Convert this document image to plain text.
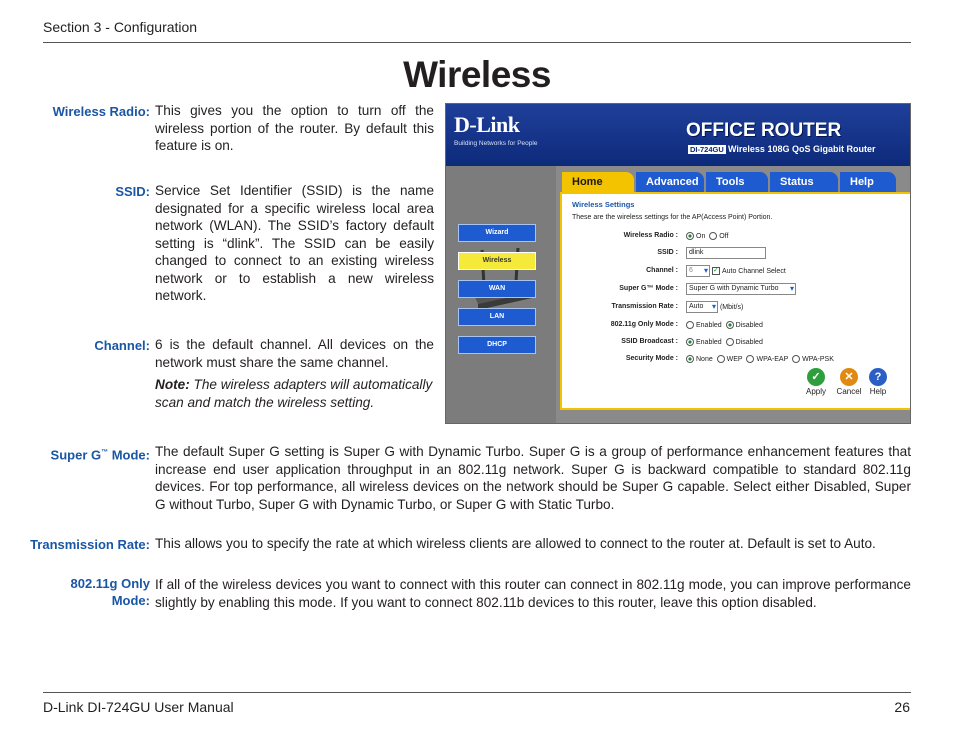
Section 3 - Configuration
Wireless
Wireless Radio: This gives you the option to turn off the wireless portion of the router. By default this feature is on.
SSID: Service Set Identifier (SSID) is the name designated for a specific wireless local area network (WLAN). The SSID’s factory default setting is “dlink”. The SSID can be easily changed to connect to an existing wireless network or to establish a new wireless network.
Channel: 6 is the default channel. All devices on the network must share the same channel.
Note: The wireless adapters will automatically scan and match the wireless setting.
Super G™ Mode: The default Super G setting is Super G with Dynamic Turbo. Super G is a group of performance enhancement features that increase end user application throughput in an 802.11g network. Super G is backward compatible to standard 802.11g devices. For top performance, all wireless devices on the network should be Super G capable. Select either Disabled, Super G without Turbo, Super G with Dynamic Turbo, or Super G with Static Turbo.
Transmission Rate: This allows you to specify the rate at which wireless clients are allowed to connect to the router at. Default is set to Auto.
802.11g Only
Mode:
If all of the wireless devices you want to connect with this router can connect in 802.11g mode, you can improve performance slightly by enabling this mode. If you want to connect 802.11b devices to this router, leave this option disabled.
D-Link
Building Networks for People
OFFICE ROUTER
DI-724GU Wireless 108G QoS Gigabit Router
Wizard
Wireless
WAN
LAN
DHCP
Home	Advanced	Tools	Status	Help
Wireless Settings
These are the wireless settings for the AP(Access Point) Portion.
Wireless Radio :	On Off
SSID :	dlink
Channel :	6 ▾	✓ Auto Channel Select
Super G™ Mode :	Super G with Dynamic Turbo ▾
Transmission Rate :	Auto ▾ (Mbit/s)
802.11g Only Mode :	Enabled Disabled
SSID Broadcast :	Enabled Disabled
Security Mode :	None WEP WPA-EAP WPA-PSK
✓
Apply
✕
Cancel
?
Help
D-Link DI-724GU User Manual	26
